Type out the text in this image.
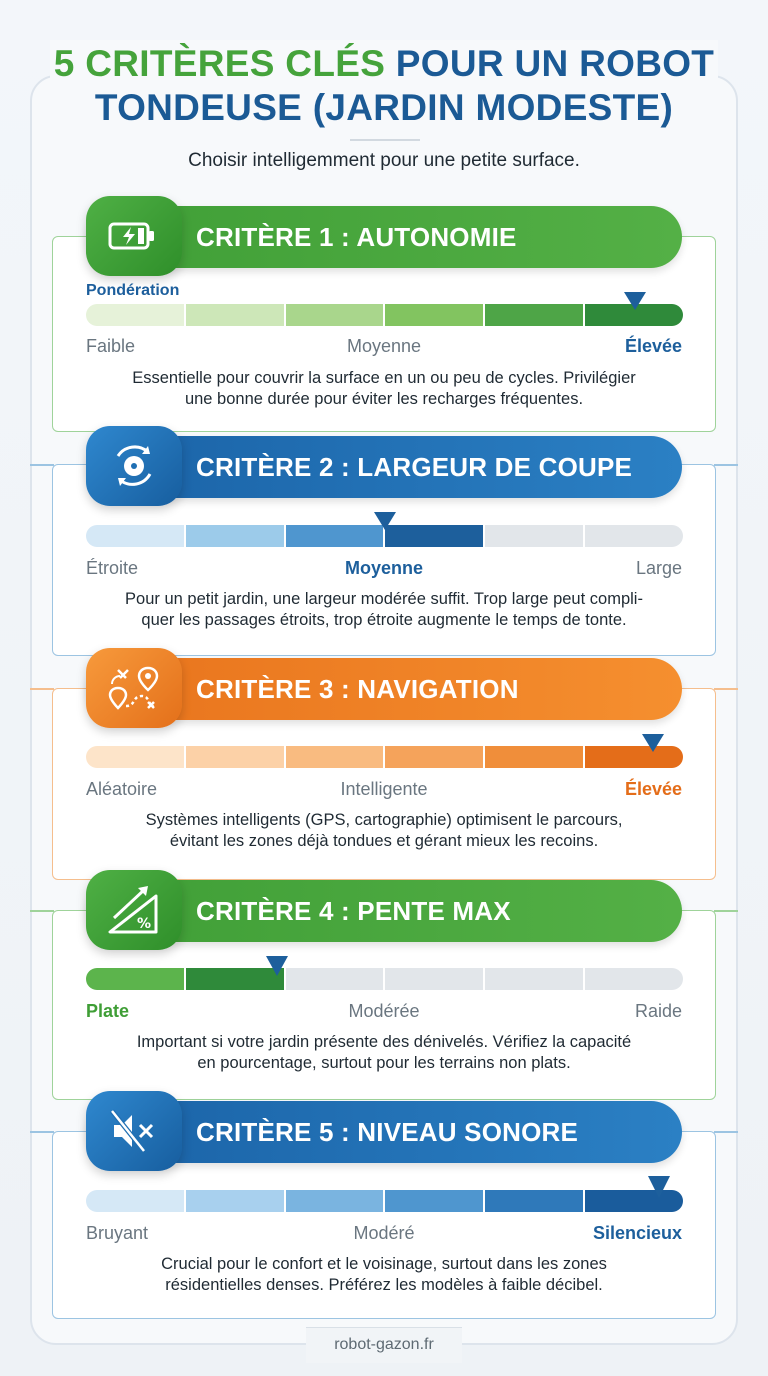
5 CRITÈRES CLÉS POUR UN ROBOT
TONDEUSE (JARDIN MODESTE)
Choisir intelligemment pour une petite surface.
CRITÈRE 1 : AUTONOMIE
Pondération
Faible	Moyenne	Élevée
Essentielle pour couvrir la surface en un ou peu de cycles. Privilégier
une bonne durée pour éviter les recharges fréquentes.
CRITÈRE 2 : LARGEUR DE COUPE
Étroite	Moyenne	Large
Pour un petit jardin, une largeur modérée suffit. Trop large peut compli-
quer les passages étroits, trop étroite augmente le temps de tonte.
CRITÈRE 3 : NAVIGATION
Aléatoire	Intelligente	Élevée
Systèmes intelligents (GPS, cartographie) optimisent le parcours,
évitant les zones déjà tondues et gérant mieux les recoins.
CRITÈRE 4 : PENTE MAX
%
Plate	Modérée	Raide
Important si votre jardin présente des dénivelés. Vérifiez la capacité
en pourcentage, surtout pour les terrains non plats.
CRITÈRE 5 : NIVEAU SONORE
Bruyant	Modéré	Silencieux
Crucial pour le confort et le voisinage, surtout dans les zones
résidentielles denses. Préférez les modèles à faible décibel.
robot-gazon.fr
